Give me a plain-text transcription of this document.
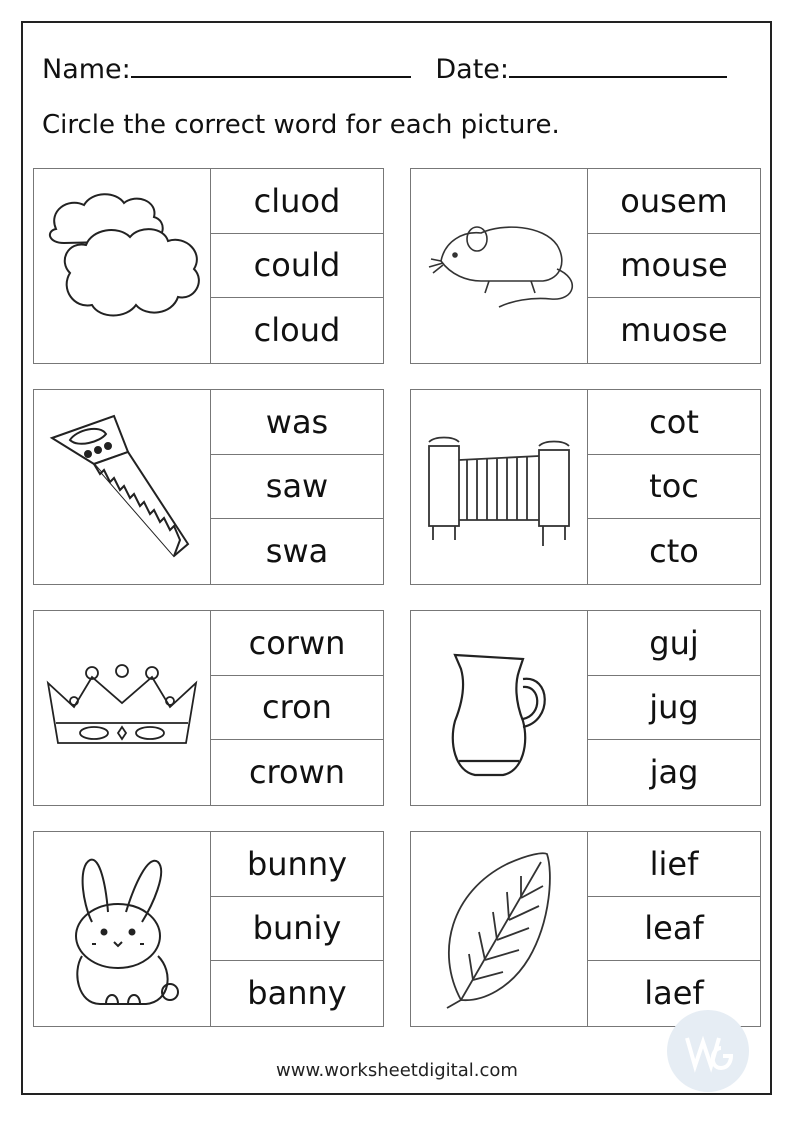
Name:	Date:
Circle the correct word for each picture.
cluod
could
cloud
ousem
mouse
muose
was
saw
swa
cot
toc
cto
corwn
cron
crown
guj
jug
jag
bunny
buniy
banny
lief
leaf
laef
www.worksheetdigital.com
